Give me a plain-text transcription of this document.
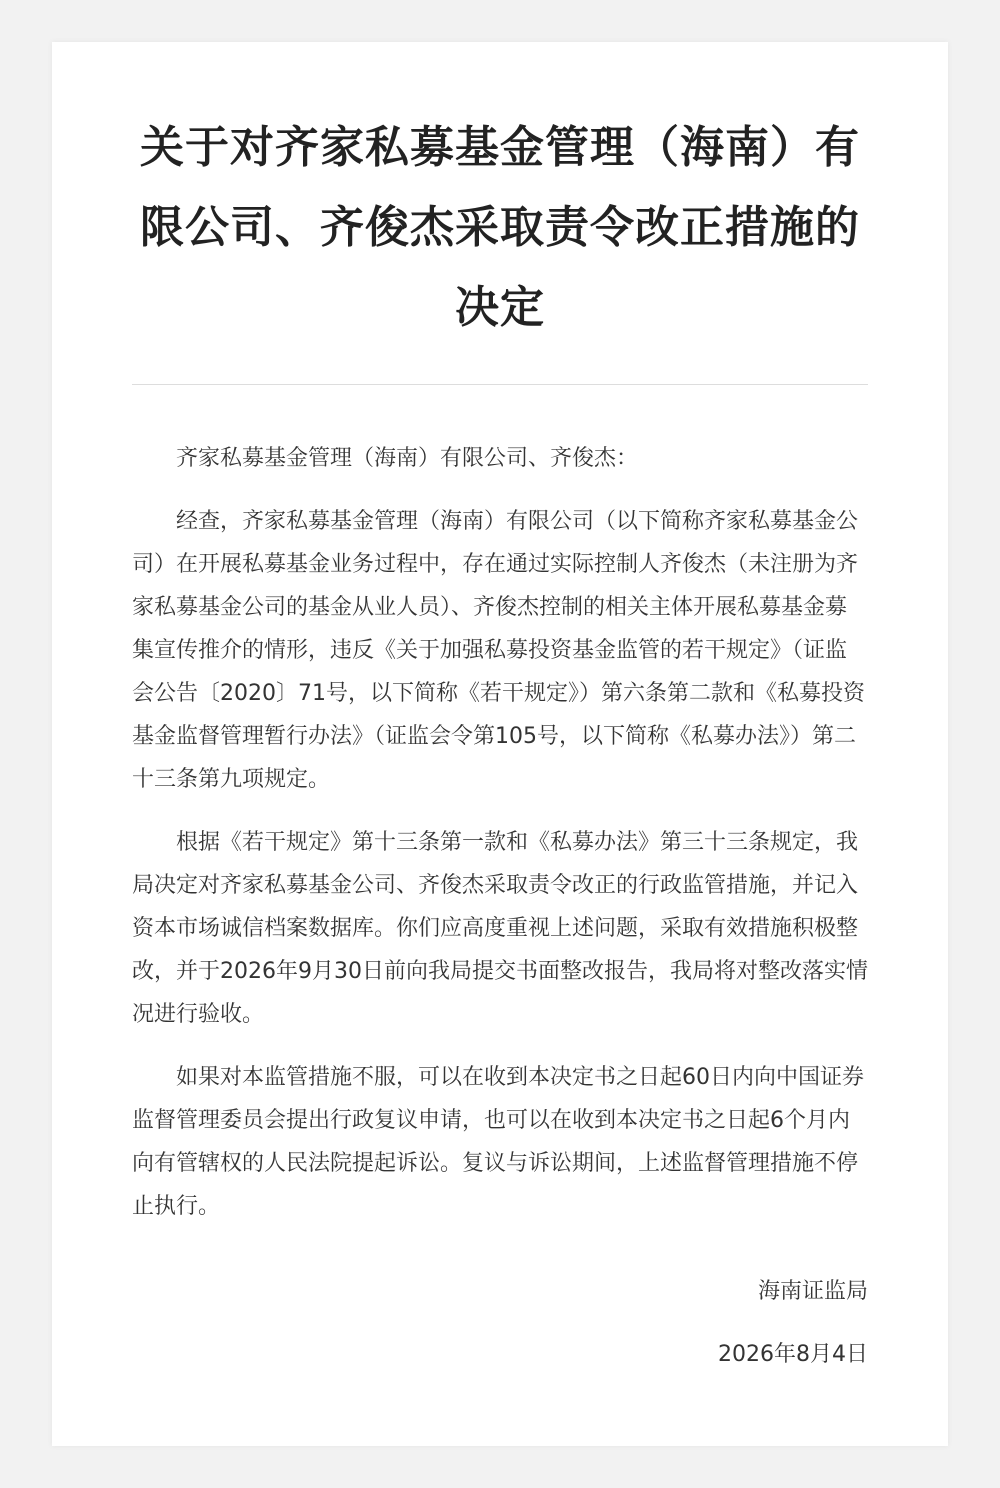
关于对齐家私募基金管理（海南）有限公司、齐俊杰采取责令改正措施的决定

齐家私募基金管理（海南）有限公司、齐俊杰：

经查，齐家私募基金管理（海南）有限公司（以下简称齐家私募基金公司）在开展私募基金业务过程中，存在通过实际控制人齐俊杰（未注册为齐家私募基金公司的基金从业人员）、齐俊杰控制的相关主体开展私募基金募集宣传推介的情形，违反《关于加强私募投资基金监管的若干规定》（证监会公告〔2020〕71号，以下简称《若干规定》）第六条第二款和《私募投资基金监督管理暂行办法》（证监会令第105号，以下简称《私募办法》）第二十三条第九项规定。

根据《若干规定》第十三条第一款和《私募办法》第三十三条规定，我局决定对齐家私募基金公司、齐俊杰采取责令改正的行政监管措施，并记入资本市场诚信档案数据库。你们应高度重视上述问题，采取有效措施积极整改，并于2026年9月30日前向我局提交书面整改报告，我局将对整改落实情况进行验收。

如果对本监管措施不服，可以在收到本决定书之日起60日内向中国证券监督管理委员会提出行政复议申请，也可以在收到本决定书之日起6个月内向有管辖权的人民法院提起诉讼。复议与诉讼期间，上述监督管理措施不停止执行。

海南证监局
2026年8月4日
